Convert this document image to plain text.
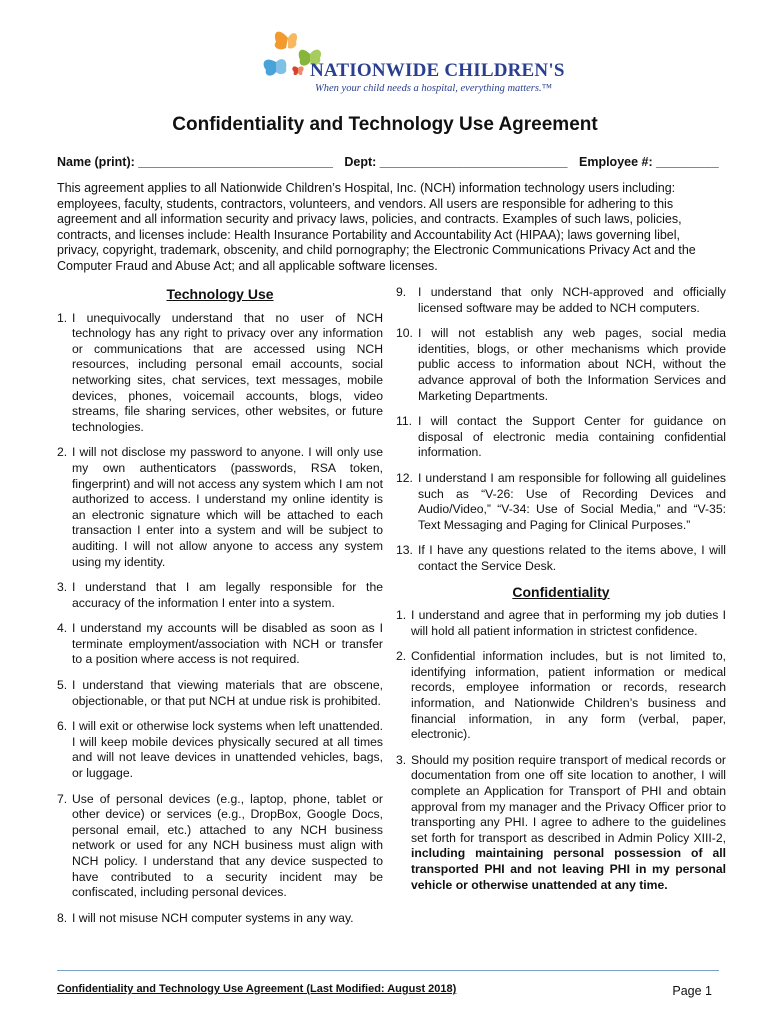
NATIONWIDE CHILDREN'S
When your child needs a hospital, everything matters.™
Confidentiality and Technology Use Agreement
Name (print): ____________________________ Dept: ___________________________ Employee #: _________

This agreement applies to all Nationwide Children’s Hospital, Inc. (NCH) information technology users including: employees, faculty, students, contractors, volunteers, and vendors. All users are responsible for adhering to this agreement and all information security and privacy laws, policies, and contracts. Examples of such laws, policies, contracts, and licenses include: Health Insurance Portability and Accountability Act (HIPAA); laws governing libel, privacy, copyright, trademark, obscenity, and child pornography; the Electronic Communications Privacy Act and the Computer Fraud and Abuse Act; and all applicable software licenses.

Technology Use
1. I unequivocally understand that no user of NCH technology has any right to privacy over any information or communications that are accessed using NCH resources, including personal email accounts, social networking sites, chat services, text messages, mobile devices, phones, voicemail accounts, blogs, video streams, file sharing services, other websites, or future technologies.
2. I will not disclose my password to anyone. I will only use my own authenticators (passwords, RSA token, fingerprint) and will not access any system which I am not authorized to access. I understand my online identity is an electronic signature which will be attached to each transaction I enter into a system and will be subject to auditing. I will not allow anyone to access any system using my identity.
3. I understand that I am legally responsible for the accuracy of the information I enter into a system.
4. I understand my accounts will be disabled as soon as I terminate employment/association with NCH or transfer to a position where access is not required.
5. I understand that viewing materials that are obscene, objectionable, or that put NCH at undue risk is prohibited.
6. I will exit or otherwise lock systems when left unattended. I will keep mobile devices physically secured at all times and will not leave devices in unattended vehicles, bags, or luggage.
7. Use of personal devices (e.g., laptop, phone, tablet or other device) or services (e.g., DropBox, Google Docs, personal email, etc.) attached to any NCH business network or used for any NCH business must align with NCH policy. I understand that any device suspected to have contributed to a security incident may be confiscated, including personal devices.
8. I will not misuse NCH computer systems in any way.
9. I understand that only NCH-approved and officially licensed software may be added to NCH computers.
10. I will not establish any web pages, social media identities, blogs, or other mechanisms which provide public access to information about NCH, without the advance approval of both the Information Services and Marketing Departments.
11. I will contact the Support Center for guidance on disposal of electronic media containing confidential information.
12. I understand I am responsible for following all guidelines such as “V-26: Use of Recording Devices and Audio/Video,” “V-34: Use of Social Media,” and “V-35: Text Messaging and Paging for Clinical Purposes.”
13. If I have any questions related to the items above, I will contact the Service Desk.
Confidentiality
1. I understand and agree that in performing my job duties I will hold all patient information in strictest confidence.
2. Confidential information includes, but is not limited to, identifying information, patient information or medical records, employee information or records, research information, and Nationwide Children’s business and financial information, in any form (verbal, paper, electronic).
3. Should my position require transport of medical records or documentation from one off site location to another, I will complete an Application for Transport of PHI and obtain approval from my manager and the Privacy Officer prior to transporting any PHI. I agree to adhere to the guidelines set forth for transport as described in Admin Policy XIII-2, including maintaining personal possession of all transported PHI and not leaving PHI in my personal vehicle or otherwise unattended at any time.
Confidentiality and Technology Use Agreement (Last Modified: August 2018)	Page 1
